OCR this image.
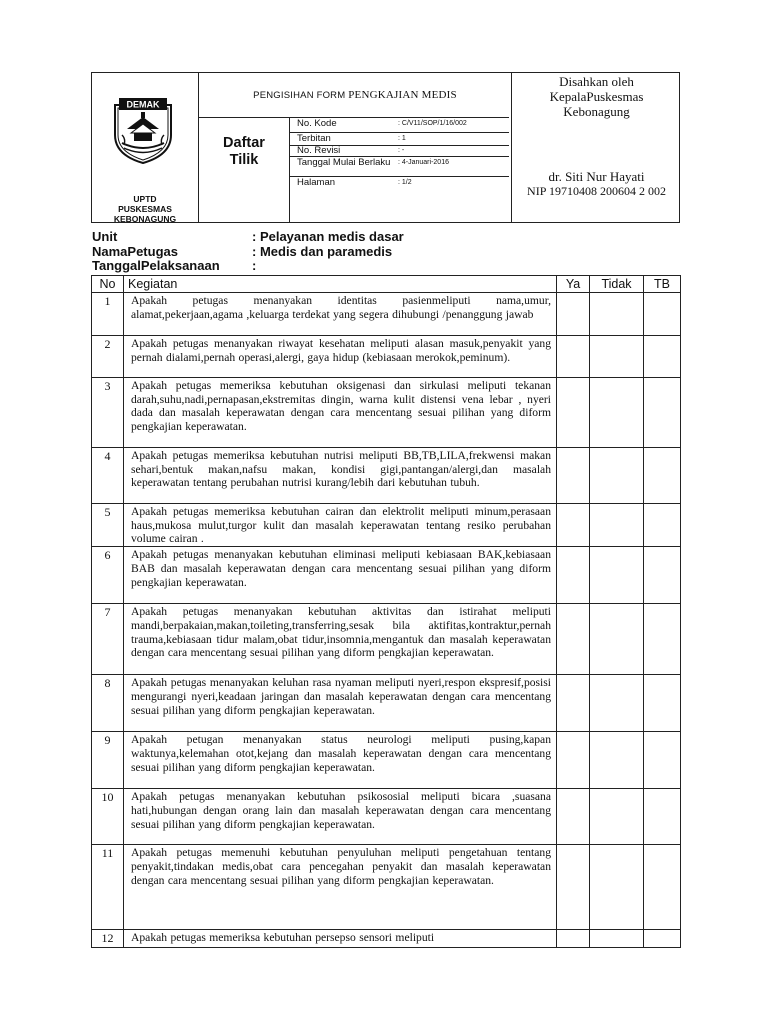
DEMAK
UPTD
PUSKESMAS
KEBONAGUNG
PENGISIHAN FORM
PENGKAJIAN MEDIS
Daftar
Tilik
No. Kode	: C/V11/SOP/1/16/002
Terbitan	: 1
No. Revisi	: -
Tanggal Mulai Berlaku	: 4-Januari-2016
Halaman	: 1/2
Disahkan oleh
KepalaPuskesmas
Kebonagung
dr. Siti Nur Hayati
NIP 19710408 200604 2 002
Unit	: Pelayanan medis dasar
NamaPetugas	: Medis dan paramedis
TanggalPelaksanaan :
No	Kegiatan	Ya	Tidak	TB
1	Apakah petugas menanyakan identitas pasienmeliputi nama,umur, alamat,pekerjaan,agama ,keluarga terdekat yang segera dihubungi /penanggung jawab			
2	Apakah petugas menanyakan riwayat kesehatan meliputi alasan masuk,penyakit yang pernah dialami,pernah operasi,alergi, gaya hidup (kebiasaan merokok,peminum).			
3	Apakah petugas memeriksa kebutuhan oksigenasi dan sirkulasi meliputi tekanan darah,suhu,nadi,pernapasan,ekstremitas dingin, warna kulit distensi vena lebar , nyeri dada dan masalah keperawatan dengan cara mencentang sesuai pilihan yang diform pengkajian keperawatan.			
4	Apakah petugas memeriksa kebutuhan nutrisi meliputi BB,TB,LILA,frekwensi makan sehari,bentuk makan,nafsu makan, kondisi gigi,pantangan/alergi,dan masalah keperawatan tentang perubahan nutrisi kurang/lebih dari kebutuhan tubuh.			
5	Apakah petugas memeriksa kebutuhan cairan dan elektrolit meliputi minum,perasaan haus,mukosa mulut,turgor kulit dan masalah keperawatan tentang resiko perubahan volume cairan .			
6	Apakah petugas menanyakan kebutuhan eliminasi meliputi kebiasaan BAK,kebiasaan BAB dan masalah keperawatan dengan cara mencentang sesuai pilihan yang diform pengkajian keperawatan.			
7	Apakah petugas menanyakan kebutuhan aktivitas dan istirahat meliputi mandi,berpakaian,makan,toileting,transferring,sesak bila aktifitas,kontraktur,pernah trauma,kebiasaan tidur malam,obat tidur,insomnia,mengantuk dan masalah keperawatan dengan cara mencentang sesuai pilihan yang diform pengkajian keperawatan.			
8	Apakah petugas menanyakan keluhan rasa nyaman meliputi nyeri,respon ekspresif,posisi mengurangi nyeri,keadaan jaringan dan masalah keperawatan dengan cara mencentang sesuai pilihan yang diform pengkajian keperawatan.			
9	Apakah petugan menanyakan status neurologi meliputi pusing,kapan waktunya,kelemahan otot,kejang dan masalah keperawatan dengan cara mencentang sesuai pilihan yang diform pengkajian keperawatan.			
10	Apakah petugas menanyakan kebutuhan psikososial meliputi bicara ,suasana hati,hubungan dengan orang lain dan masalah keperawatan dengan cara mencentang sesuai pilihan yang diform pengkajian keperawatan.			
11	Apakah petugas memenuhi kebutuhan penyuluhan meliputi pengetahuan tentang penyakit,tindakan medis,obat cara pencegahan penyakit dan masalah keperawatan dengan cara mencentang sesuai pilihan yang diform pengkajian keperawatan.			
12	Apakah petugas memeriksa kebutuhan persepso sensori meliputi			
